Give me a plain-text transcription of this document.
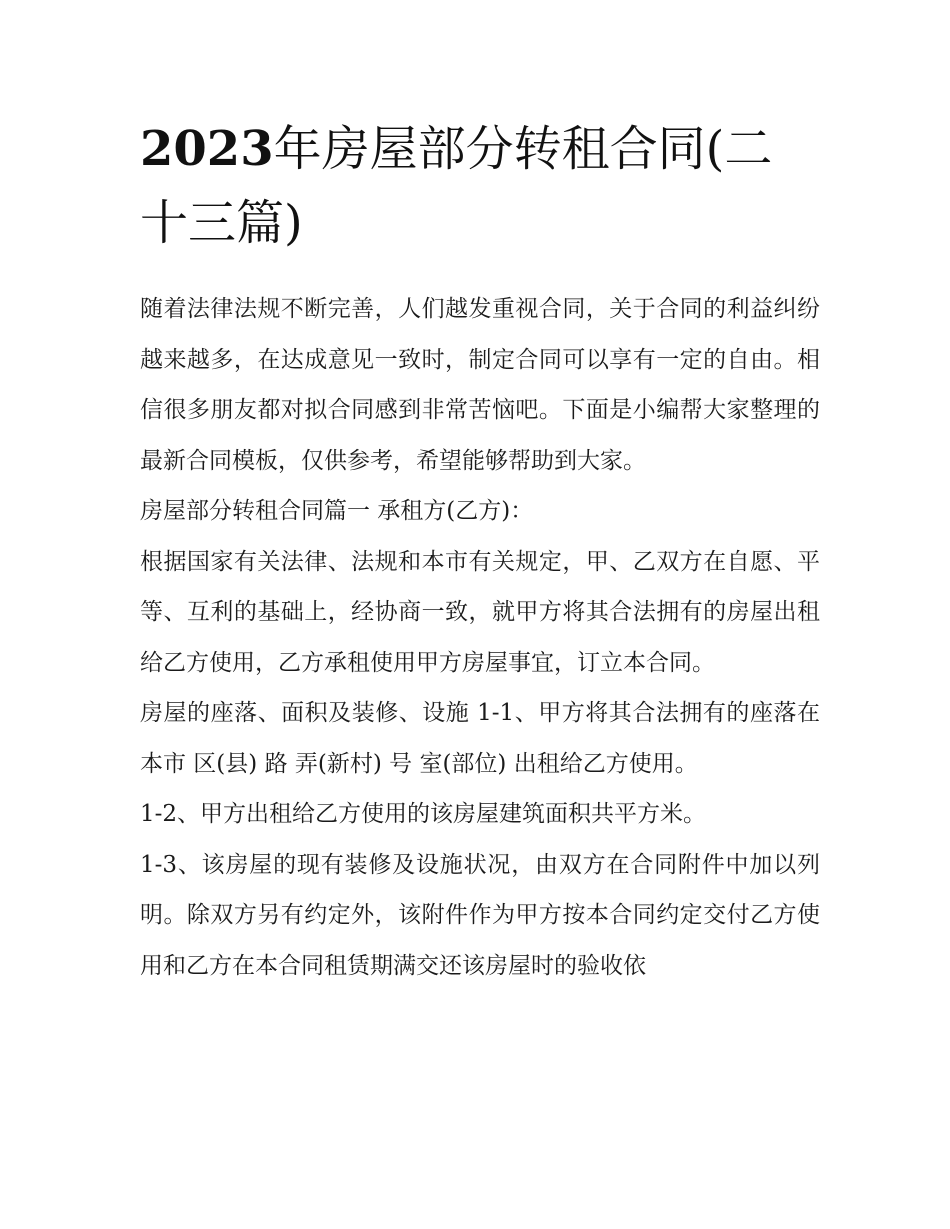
2023年房屋部分转租合同(二十三篇)

随着法律法规不断完善，人们越发重视合同，关于合同的利益纠纷越来越多，在达成意见一致时，制定合同可以享有一定的自由。相信很多朋友都对拟合同感到非常苦恼吧。下面是小编帮大家整理的最新合同模板，仅供参考，希望能够帮助到大家。

房屋部分转租合同篇一 承租方(乙方)：

根据国家有关法律、法规和本市有关规定，甲、乙双方在自愿、平等、互利的基础上，经协商一致，就甲方将其合法拥有的房屋出租给乙方使用，乙方承租使用甲方房屋事宜，订立本合同。

房屋的座落、面积及装修、设施 1-1、甲方将其合法拥有的座落在本市 区(县) 路 弄(新村) 号 室(部位) 出租给乙方使用。

1-2、甲方出租给乙方使用的该房屋建筑面积共平方米。

1-3、该房屋的现有装修及设施状况，由双方在合同附件中加以列明。除双方另有约定外，该附件作为甲方按本合同约定交付乙方使用和乙方在本合同租赁期满交还该房屋时的验收依
